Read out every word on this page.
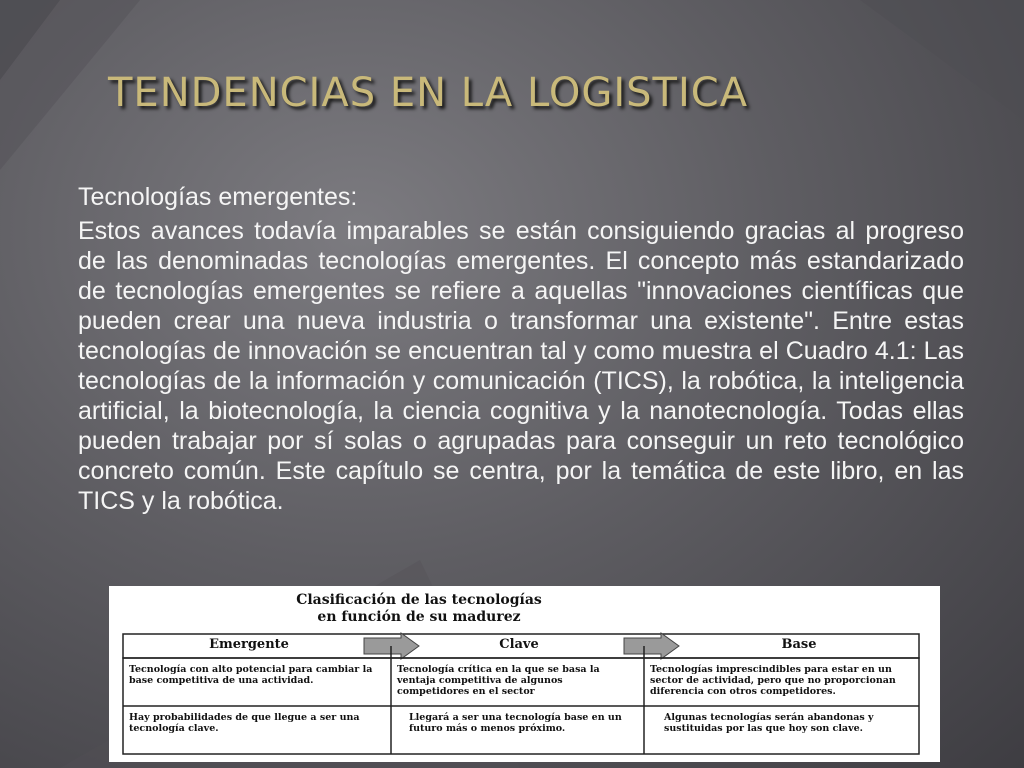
TENDENCIAS EN LA LOGISTICA

Tecnologías emergentes:

Estos avances todavía imparables se están consiguiendo gracias al progreso de las denominadas tecnologías emergentes. El concepto más estandarizado de tecnologías emergentes se refiere a aquellas "innovaciones científicas que pueden crear una nueva industria o transformar una existente". Entre estas tecnologías de innovación se encuentran tal y como muestra el Cuadro 4.1: Las tecnologías de la información y comunicación (TICS), la robótica, la inteligencia artificial, la biotecnología, la ciencia cognitiva y la nanotecnología. Todas ellas pueden trabajar por sí solas o agrupadas para conseguir un reto tecnológico concreto común. Este capítulo se centra, por la temática de este libro, en las TICS y la robótica.

Clasificación de las tecnologías
en función de su madurez
Emergente	Clave	Base
Tecnología con alto potencial para cambiar la base competitiva de una actividad.
Tecnología crítica en la que se basa la ventaja competitiva de algunos competidores en el sector
Tecnologías imprescindibles para estar en un sector de actividad, pero que no proporcionan diferencia con otros competidores.
Hay probabilidades de que llegue a ser una tecnología clave.
Llegará a ser una tecnología base en un futuro más o menos próximo.
Algunas tecnologías serán abandonas y sustituidas por las que hoy son clave.
